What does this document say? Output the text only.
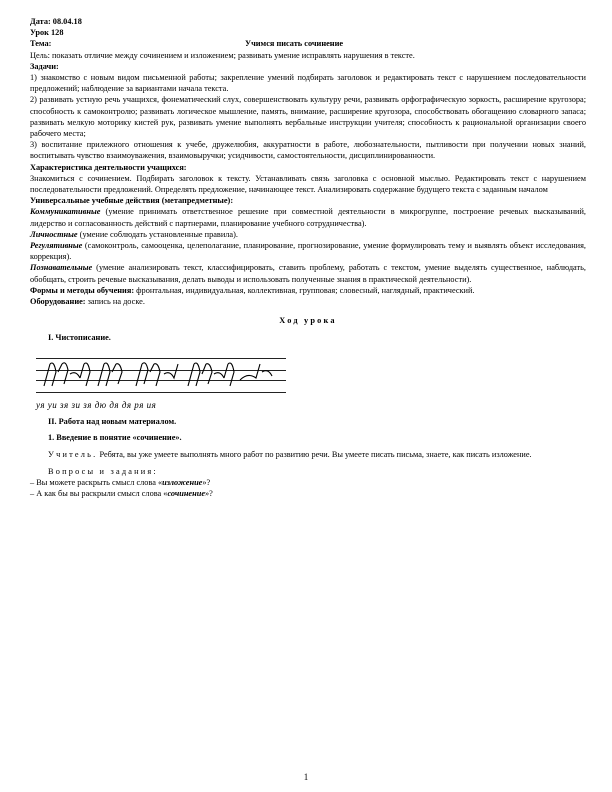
Дата: 08.04.18
Урок 128
Тема:	Учимся писать сочинение

Цель: показать отличие между сочинением и изложением; развивать умение исправлять нарушения в тексте.

Задачи:

1) знакомство с новым видом письменной работы; закрепление умений подбирать заголовок и редактировать текст с нарушением последовательности предложений; наблюдение за вариантами начала текста.

2) развивать устную речь учащихся, фонематический слух, совершенствовать культуру речи, развивать орфографическую зоркость, расширение кругозора; способность к самоконтролю; развивать логическое мышление, память, внимание, расширение кругозора, способствовать обогащению словарного запаса; развивать мелкую моторику кистей рук, развивать умение выполнять вербальные инструкции учителя; способность к рациональной организации своего рабочего места;

3) воспитание прилежного отношения к учебе, дружелюбия, аккуратности в работе, любознательности, пытливости при получении новых знаний, воспитывать чувство взаимоуважения, взаимовыручки; усидчивости, самостоятельности, дисциплинированности.

Характеристика деятельности учащихся:

Знакомиться с сочинением. Подбирать заголовок к тексту. Устанавливать связь заголовка с основной мыслью. Редактировать текст с нарушением последовательности предложений. Определять предложение, начинающее текст. Анализировать содержание будущего текста с заданным началом

Универсальные учебные действия (метапредметные):

Коммуникативные (умение принимать ответственное решение при совместной деятельности в микрогруппе, построение речевых высказываний, лидерство и согласованность действий с партнерами, планирование учебного сотрудничества).

Личностные (умение соблюдать установленные правила).

Регулятивные (самоконтроль, самооценка, целеполагание, планирование, прогнозирование, умение формулировать тему и выявлять объект исследования, коррекция).

Познавательные (умение анализировать текст, классифицировать, ставить проблему, работать с текстом, умение выделять существенное, наблюдать, обобщать, строить речевые высказывания, делать выводы и использовать полученные знания в практической деятельности).

Формы и методы обучения: фронтальная, индивидуальная, коллективная, групповая; словесный, наглядный, практический.

Оборудование: запись на доске.

Ход урока
I. Чистописание.
уя уи зя зи зя дю дя дя ря ия
II. Работа над новым материалом.
1. Введение в понятие «сочинение».

Учитель. Ребята, вы уже умеете выполнять много работ по развитию речи. Вы умеете писать письма, знаете, как писать изложение.

Вопросы и задания:
– Вы можете раскрыть смысл слова «изложение»?
– А как бы вы раскрыли смысл слова «сочинение»?
1
